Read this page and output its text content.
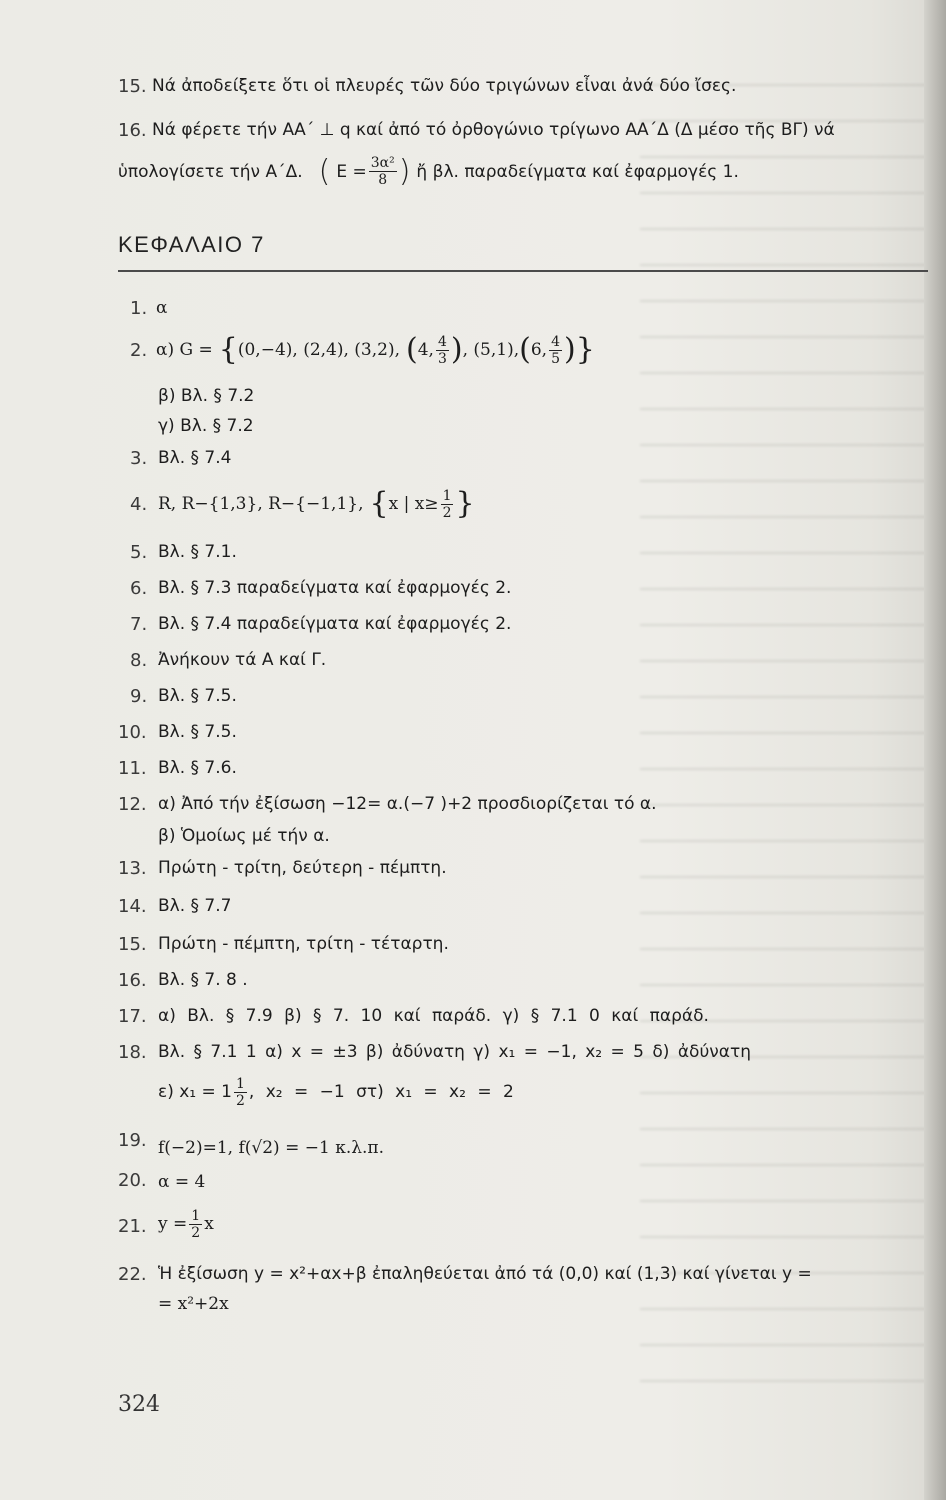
15. Νά ἀποδείξετε ὅτι οἱ πλευρές τῶν δύο τριγώνων εἶναι ἀνά δύο ἴσες.
16. Νά φέρετε τήν ΑΑ΄ ⊥ q καί ἀπό τό ὀρθογώνιο τρίγωνο ΑΑ΄Δ (Δ μέσο τῆς ΒΓ) νά
ὑπολογίσετε τήν Α΄Δ. ( $E = \frac{\text{3α²}}{8}$ ) ἤ βλ. παραδείγματα καί ἐφαρμογές 1.
ΚΕΦΑΛΑΙΟ 7
1. α
2. α) G = { (0,−4), (2,4), (3,2), ( 4, $\frac{4}{3}$ ) , (5,1), ( 6, $\frac{4}{5}$ ) }
β) Βλ. § 7.2
γ) Βλ. § 7.2
3. Βλ. § 7.4
4. R, R−{1,3}, R−{−1,1}, { x | $x\ge \frac{1}{2}$ }
5. Βλ. § 7.1.
6. Βλ. § 7.3 παραδείγματα καί ἐφαρμογές 2.
7. Βλ. § 7.4 παραδείγματα καί ἐφαρμογές 2.
8. Ἀνήκουν τά Α καί Γ.
9. Βλ. § 7.5.
10. Βλ. § 7.5.
11. Βλ. § 7.6.
12. α) Ἀπό τήν ἐξίσωση −12= α.(−7 )+2 προσδιορίζεται τό α.
β) Ὁμοίως μέ τήν α.
13. Πρώτη - τρίτη, δεύτερη - πέμπτη.
14. Βλ. § 7.7
15. Πρώτη - πέμπτη, τρίτη - τέταρτη.
16. Βλ. § 7. 8 .
17. α) Βλ. § 7.9 β) § 7. 10 καί παράδ. γ) § 7.1 0 καί παράδ.
18. Βλ. § 7.1 1 α) x = ±3 β) ἀδύνατη γ) x₁ = −1, x₂ = 5 δ) ἀδύνατη
ε) $x_1 = 1 \frac{1}{2}$ , x₂ = −1 στ) x₁ = x₂ = 2
19. f(−2)=1, f(√2) = −1 κ.λ.π.
20. α = 4
21. $y = \frac{1}{2}$ x
22. Ἡ ἐξίσωση y = x²+αx+β ἐπαληθεύεται ἀπό τά (0,0) καί (1,3) καί γίνεται y =
= x²+2x
324
